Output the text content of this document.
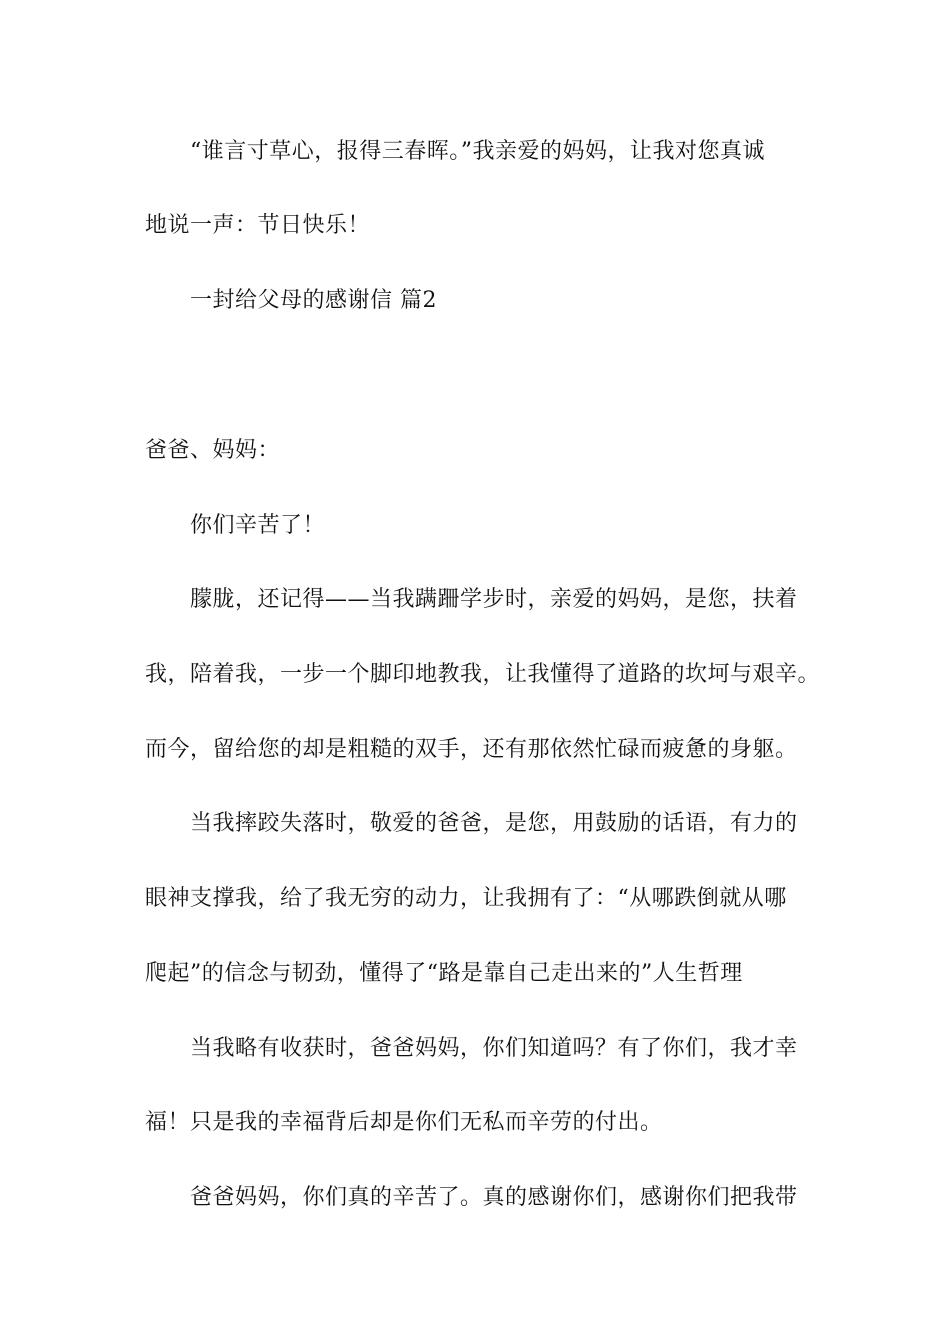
“谁言寸草心，报得三春晖。”我亲爱的妈妈，让我对您真诚
地说一声：节日快乐！
一封给父母的感谢信 篇2
爸爸、妈妈：
你们辛苦了！
朦胧，还记得——当我蹒跚学步时，亲爱的妈妈，是您，扶着
我，陪着我，一步一个脚印地教我，让我懂得了道路的坎坷与艰辛。
而今，留给您的却是粗糙的双手，还有那依然忙碌而疲惫的身躯。
当我摔跤失落时，敬爱的爸爸，是您，用鼓励的话语，有力的
眼神支撑我，给了我无穷的动力，让我拥有了：“从哪跌倒就从哪
爬起”的信念与韧劲，懂得了“路是靠自己走出来的”人生哲理
当我略有收获时，爸爸妈妈，你们知道吗？有了你们，我才幸
福！只是我的幸福背后却是你们无私而辛劳的付出。
爸爸妈妈，你们真的辛苦了。真的感谢你们，感谢你们把我带
